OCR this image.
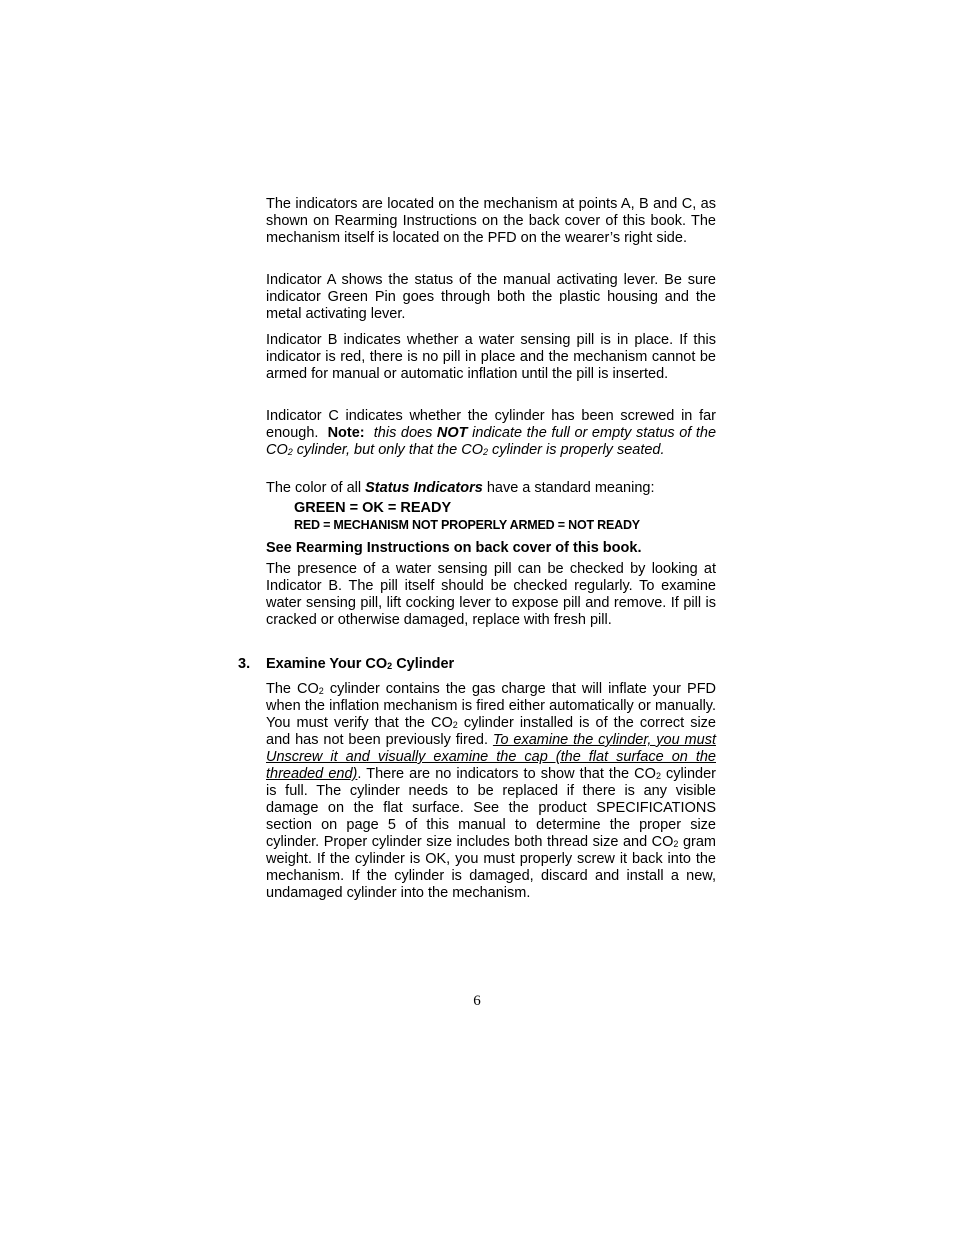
The indicators are located on the mechanism at points A, B and C, as shown on Rearming Instructions on the back cover of this book. The mechanism itself is located on the PFD on the wearer’s right side.

Indicator A shows the status of the manual activating lever. Be sure indicator Green Pin goes through both the plastic housing and the metal activating lever.

Indicator B indicates whether a water sensing pill is in place. If this indicator is red, there is no pill in place and the mechanism cannot be armed for manual or automatic inflation until the pill is inserted.

Indicator C indicates whether the cylinder has been screwed in far enough. Note: this does NOT indicate the full or empty status of the $CO_2$ cylinder, but only that the $CO_2$ cylinder is properly seated.

The color of all Status Indicators have a standard meaning:

GREEN = OK = READY
RED = MECHANISM NOT PROPERLY ARMED = NOT READY
See Rearming Instructions on back cover of this book.

The presence of a water sensing pill can be checked by looking at Indicator B. The pill itself should be checked regularly. To examine water sensing pill, lift cocking lever to expose pill and remove. If pill is cracked or otherwise damaged, replace with fresh pill.

3. Examine Your $CO_2$ Cylinder

The $CO_2$ cylinder contains the gas charge that will inflate your PFD when the inflation mechanism is fired either automatically or manually. You must verify that the $CO_2$ cylinder installed is of the correct size and has not been previously fired. To examine the cylinder, you must Unscrew it and visually examine the cap (the flat surface on the threaded end). There are no indicators to show that the $CO_2$ cylinder is full. The cylinder needs to be replaced if there is any visible damage on the flat surface. See the product SPECIFICATIONS section on page 5 of this manual to determine the proper size cylinder. Proper cylinder size includes both thread size and $CO_2$ gram weight. If the cylinder is OK, you must properly screw it back into the mechanism. If the cylinder is damaged, discard and install a new, undamaged cylinder into the mechanism.

6
